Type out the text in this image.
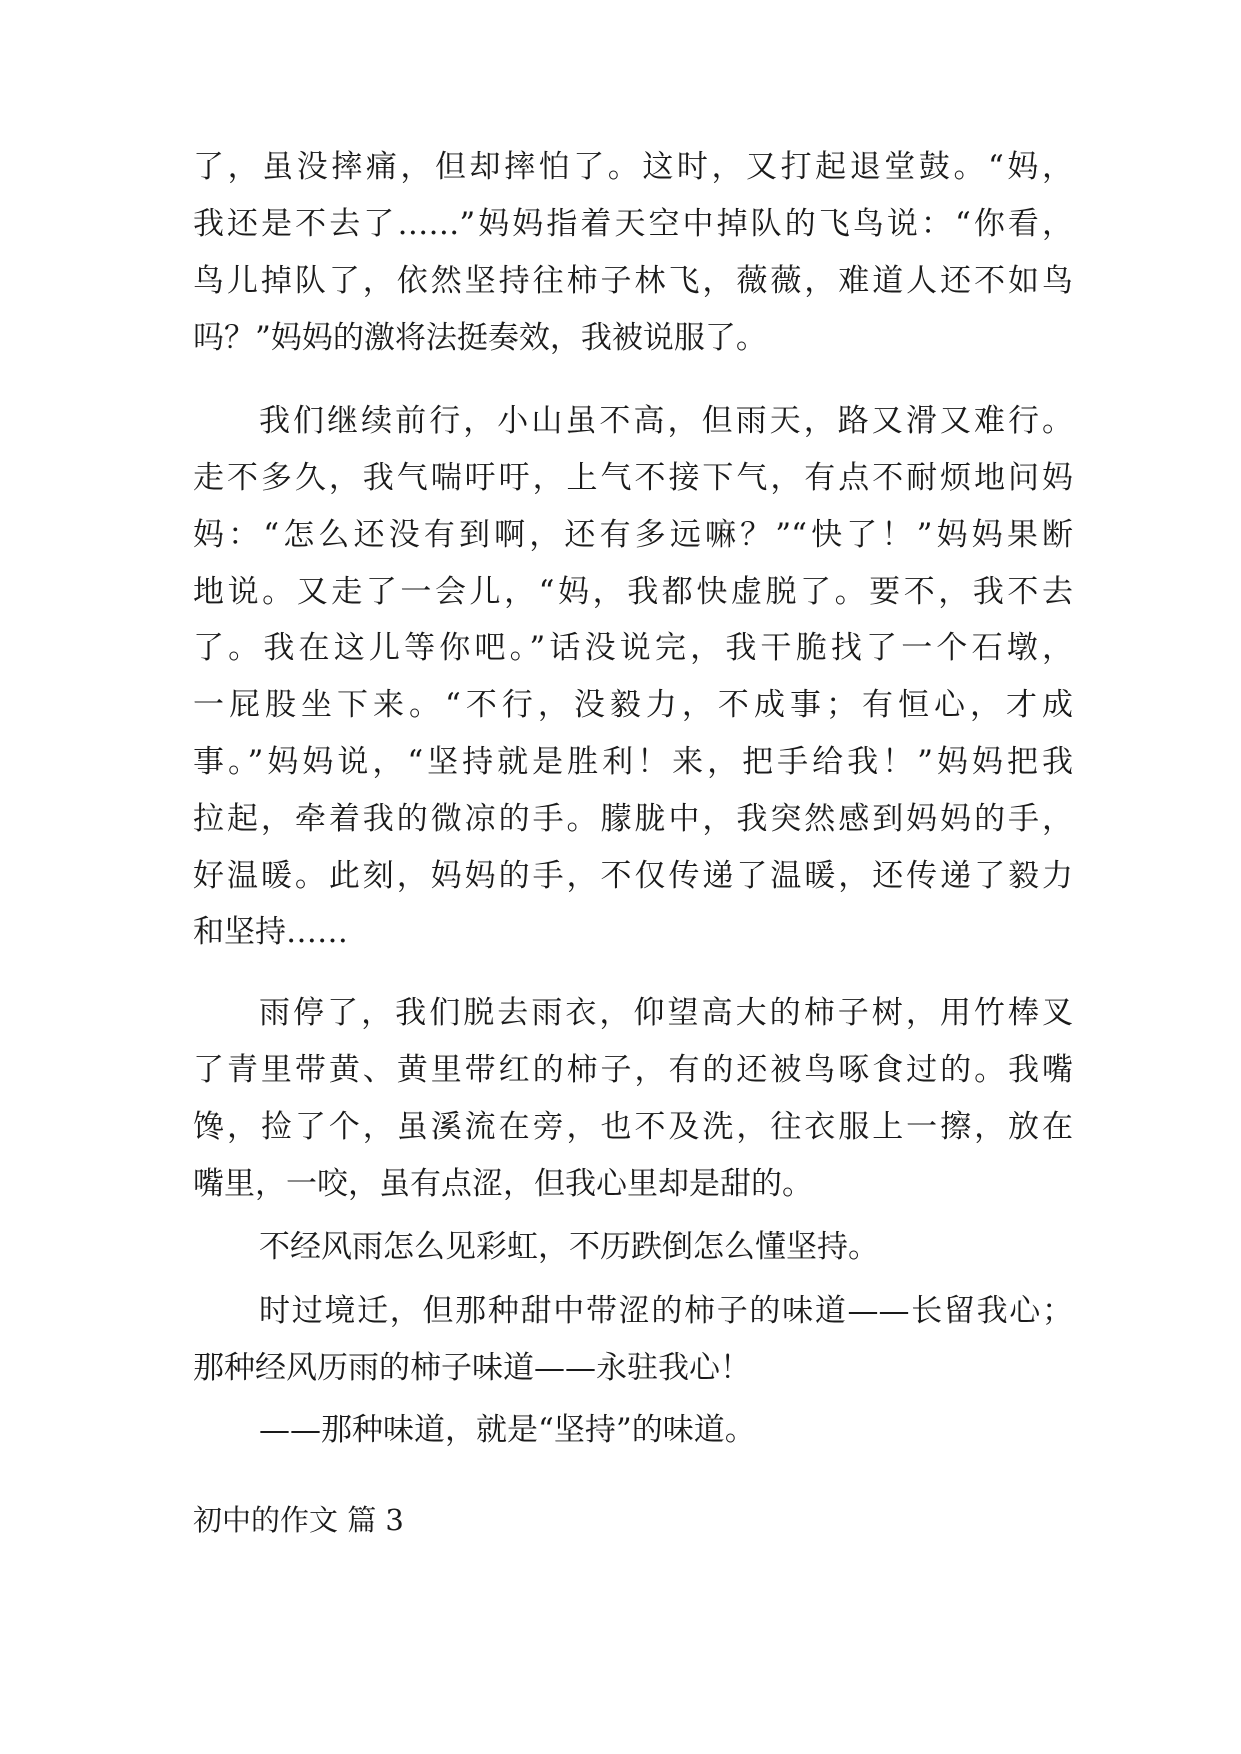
了，虽没摔痛，但却摔怕了。这时，又打起退堂鼓。“妈，

我还是不去了……”妈妈指着天空中掉队的飞鸟说：“你看，

鸟儿掉队了，依然坚持往柿子林飞，薇薇，难道人还不如鸟

吗？”妈妈的激将法挺奏效，我被说服了。

我们继续前行，小山虽不高，但雨天，路又滑又难行。

走不多久，我气喘吁吁，上气不接下气，有点不耐烦地问妈

妈：“怎么还没有到啊，还有多远嘛？”“快了！”妈妈果断

地说。又走了一会儿，“妈，我都快虚脱了。要不，我不去

了。我在这儿等你吧。”话没说完，我干脆找了一个石墩，

一屁股坐下来。“不行，没毅力，不成事；有恒心，才成

事。”妈妈说，“坚持就是胜利！来，把手给我！”妈妈把我

拉起，牵着我的微凉的手。朦胧中，我突然感到妈妈的手，

好温暖。此刻，妈妈的手，不仅传递了温暖，还传递了毅力

和坚持……

雨停了，我们脱去雨衣，仰望高大的柿子树，用竹棒叉

了青里带黄、黄里带红的柿子，有的还被鸟啄食过的。我嘴

馋，捡了个，虽溪流在旁，也不及洗，往衣服上一擦，放在

嘴里，一咬，虽有点涩，但我心里却是甜的。

不经风雨怎么见彩虹，不历跌倒怎么懂坚持。

时过境迁，但那种甜中带涩的柿子的味道——长留我心；

那种经风历雨的柿子味道——永驻我心！

——那种味道，就是“坚持”的味道。

初中的作文 篇 3
